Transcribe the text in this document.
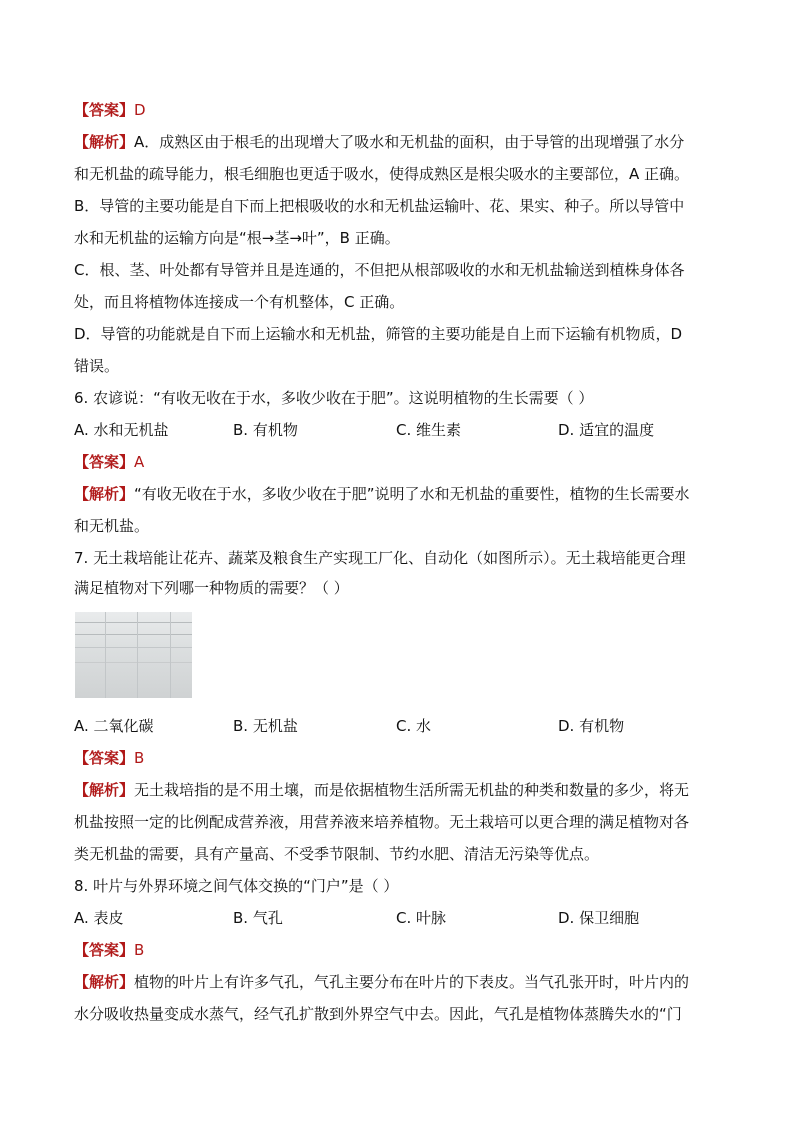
【答案】D
【解析】A．成熟区由于根毛的出现增大了吸水和无机盐的面积，由于导管的出现增强了水分
和无机盐的疏导能力，根毛细胞也更适于吸水，使得成熟区是根尖吸水的主要部位，A 正确。
B．导管的主要功能是自下而上把根吸收的水和无机盐运输叶、花、果实、种子。所以导管中
水和无机盐的运输方向是“根→茎→叶”，B 正确。
C．根、茎、叶处都有导管并且是连通的，不但把从根部吸收的水和无机盐输送到植株身体各
处，而且将植物体连接成一个有机整体，C 正确。
D．导管的功能就是自下而上运输水和无机盐，筛管的主要功能是自上而下运输有机物质，D
错误。
6. 农谚说：“有收无收在于水，多收少收在于肥”。这说明植物的生长需要（ ）
A. 水和无机盐	B. 有机物	C. 维生素	D. 适宜的温度
【答案】A
【解析】“有收无收在于水，多收少收在于肥”说明了水和无机盐的重要性，植物的生长需要水
和无机盐。
7. 无土栽培能让花卉、蔬菜及粮食生产实现工厂化、自动化（如图所示）。无土栽培能更合理
满足植物对下列哪一种物质的需要？（ ）
A. 二氧化碳	B. 无机盐	C. 水	D. 有机物
【答案】B
【解析】无土栽培指的是不用土壤，而是依据植物生活所需无机盐的种类和数量的多少，将无
机盐按照一定的比例配成营养液，用营养液来培养植物。无土栽培可以更合理的满足植物对各
类无机盐的需要，具有产量高、不受季节限制、节约水肥、清洁无污染等优点。
8. 叶片与外界环境之间气体交换的“门户”是（ ）
A. 表皮	B. 气孔	C. 叶脉	D. 保卫细胞
【答案】B
【解析】植物的叶片上有许多气孔，气孔主要分布在叶片的下表皮。当气孔张开时，叶片内的
水分吸收热量变成水蒸气，经气孔扩散到外界空气中去。因此，气孔是植物体蒸腾失水的“门
